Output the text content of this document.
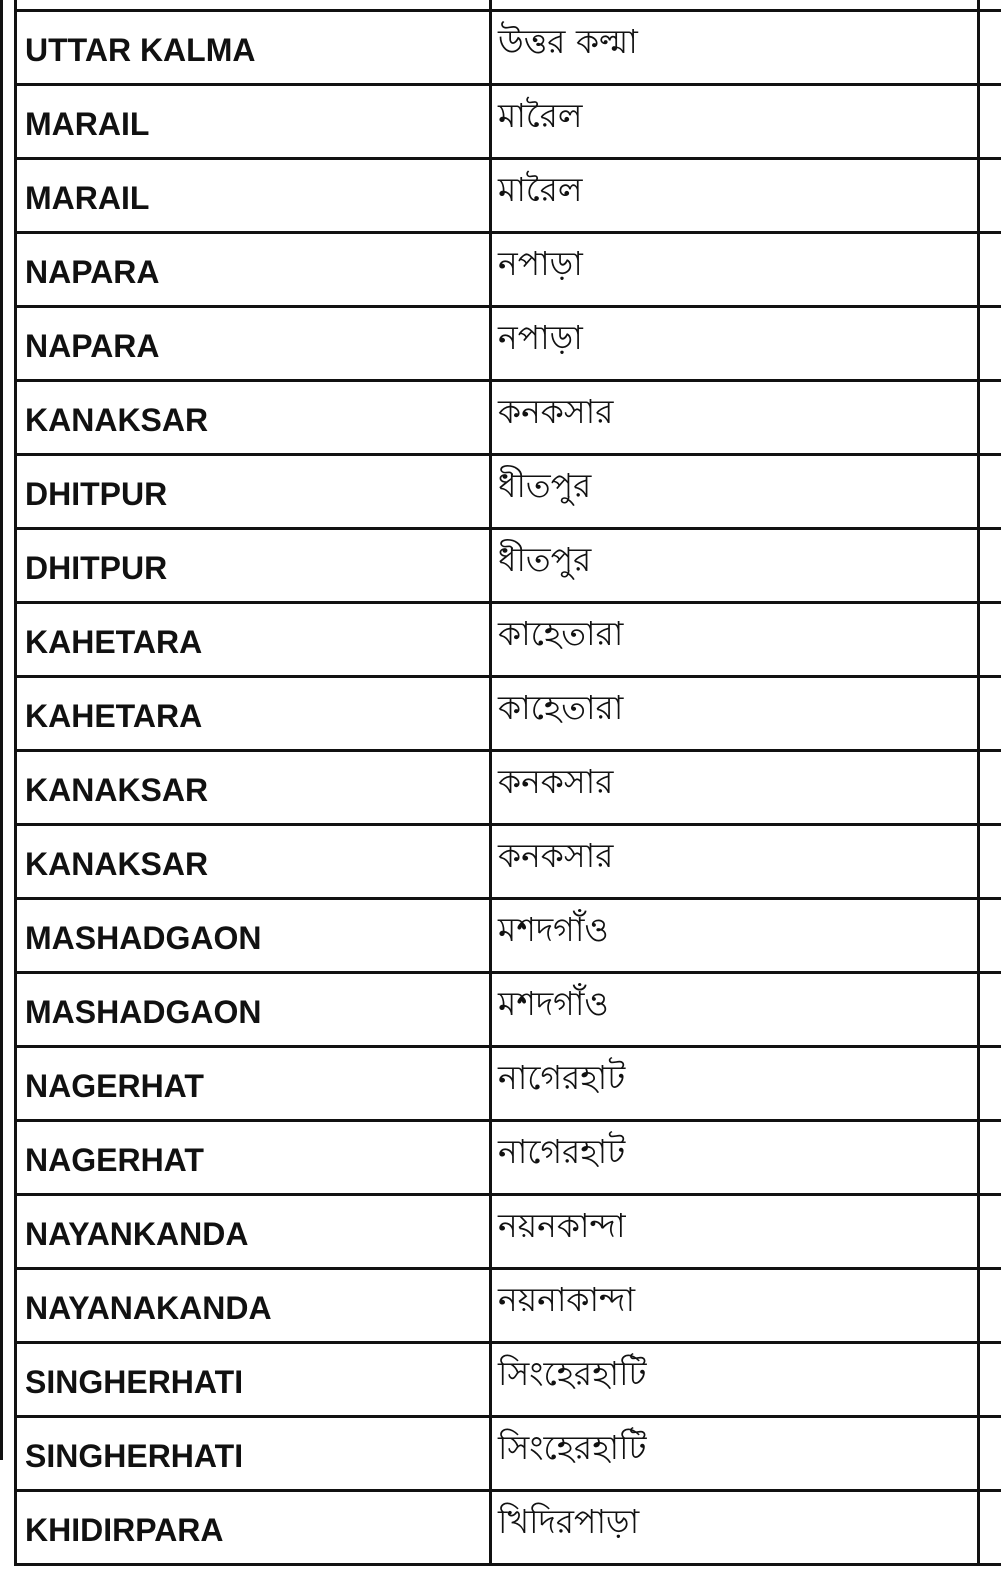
UTTAR KALMA	উত্তর কল্মা
MARAIL	মারৈল
MARAIL	মারৈল
NAPARA	নপাড়া
NAPARA	নপাড়া
KANAKSAR	কনকসার
DHITPUR	ধীতপুর
DHITPUR	ধীতপুর
KAHETARA	কাহেতারা
KAHETARA	কাহেতারা
KANAKSAR	কনকসার
KANAKSAR	কনকসার
MASHADGAON	মশদগাঁও
MASHADGAON	মশদগাঁও
NAGERHAT	নাগেরহাট
NAGERHAT	নাগেরহাট
NAYANKANDA	নয়নকান্দা
NAYANAKANDA	নয়নাকান্দা
SINGHERHATI	সিংহেরহাটি
SINGHERHATI	সিংহেরহাটি
KHIDIRPARA	খিদিরপাড়া
